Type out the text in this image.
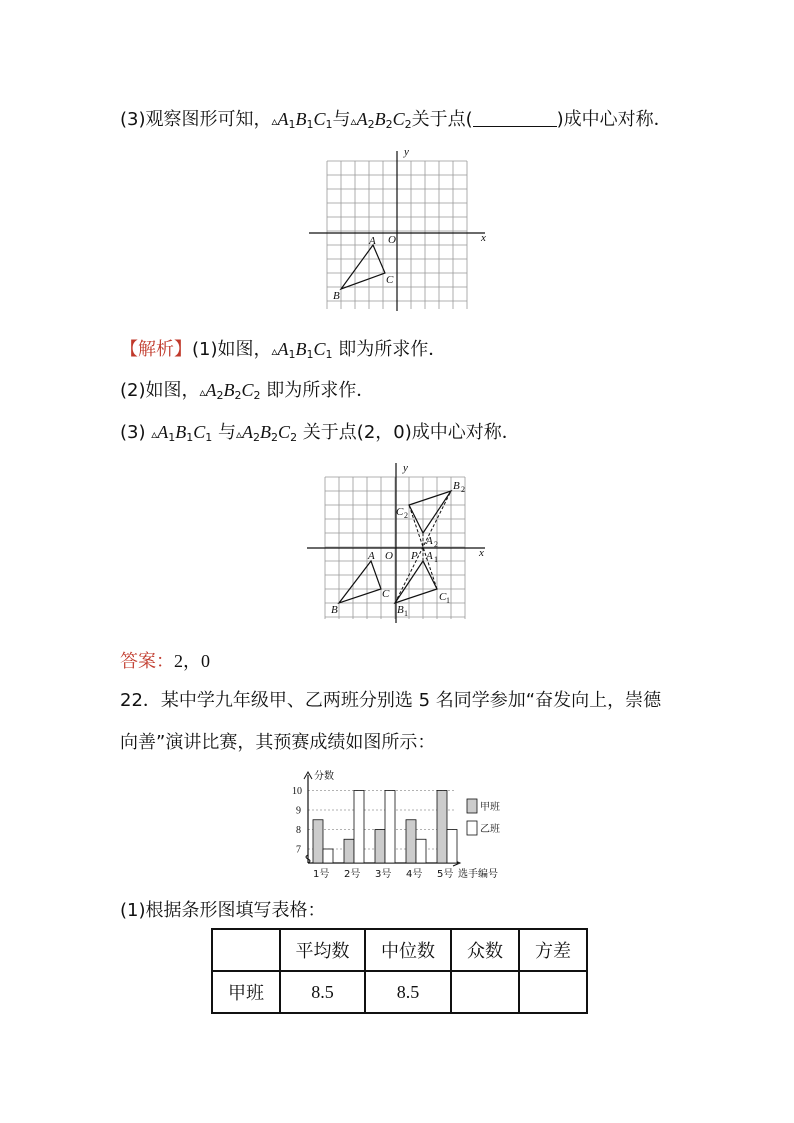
(3)观察图形可知，$▵A_1B_1C_1$与$▵A_2B_2C_2$关于点(	)成中心对称．
y
x
O
A
B
C
【解析】(1)如图，$▵A_1B_1C_1$ 即为所求作．
(2)如图，$▵A_2B_2C_2$ 即为所求作．
(3) $▵A_1B_1C_1$ 与$▵A_2B_2C_2$ 关于点(2，0)成中心对称．
y
x
O
A
B
C
P A 1
B 1
C 1
A 2
B 2
C 2
答案：2，0
22．某中学九年级甲、乙两班分别选 5 名同学参加“奋发向上，崇德
向善”演讲比赛，其预赛成绩如图所示：
7
8
9
10
1号 2号 3号 4号 5号
分数
选手编号
甲班
乙班
(1)根据条形图填写表格：
	平均数	中位数	众数	方差
甲班	8.5	8.5		
